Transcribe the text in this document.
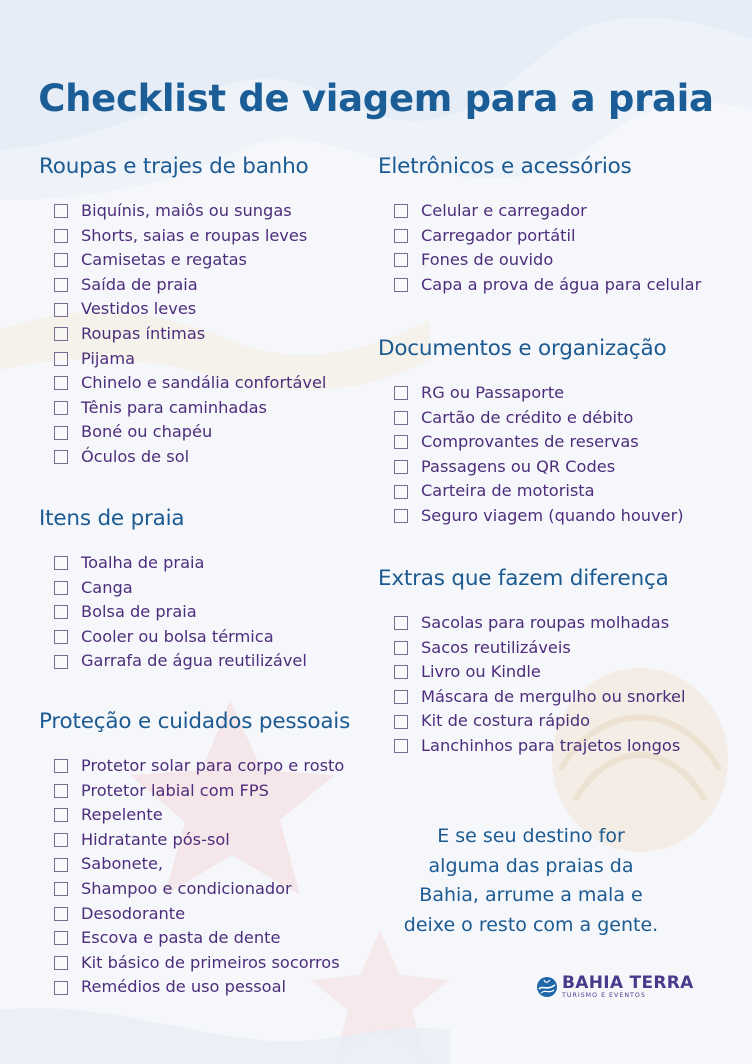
Checklist de viagem para a praia
Roupas e trajes de banho
Biquínis, maiôs ou sungas
Shorts, saias e roupas leves
Camisetas e regatas
Saída de praia
Vestidos leves
Roupas íntimas
Pijama
Chinelo e sandália confortável
Tênis para caminhadas
Boné ou chapéu
Óculos de sol
Itens de praia
Toalha de praia
Canga
Bolsa de praia
Cooler ou bolsa térmica
Garrafa de água reutilizável
Proteção e cuidados pessoais
Protetor solar para corpo e rosto
Protetor labial com FPS
Repelente
Hidratante pós-sol
Sabonete,
Shampoo e condicionador
Desodorante
Escova e pasta de dente
Kit básico de primeiros socorros
Remédios de uso pessoal
Eletrônicos e acessórios
Celular e carregador
Carregador portátil
Fones de ouvido
Capa a prova de água para celular
Documentos e organização
RG ou Passaporte
Cartão de crédito e débito
Comprovantes de reservas
Passagens ou QR Codes
Carteira de motorista
Seguro viagem (quando houver)
Extras que fazem diferença
Sacolas para roupas molhadas
Sacos reutilizáveis
Livro ou Kindle
Máscara de mergulho ou snorkel
Kit de costura rápido
Lanchinhos para trajetos longos
E se seu destino for
alguma das praias da
Bahia, arrume a mala e
deixe o resto com a gente.
BAHIA TERRA
TURISMO E EVENTOS
